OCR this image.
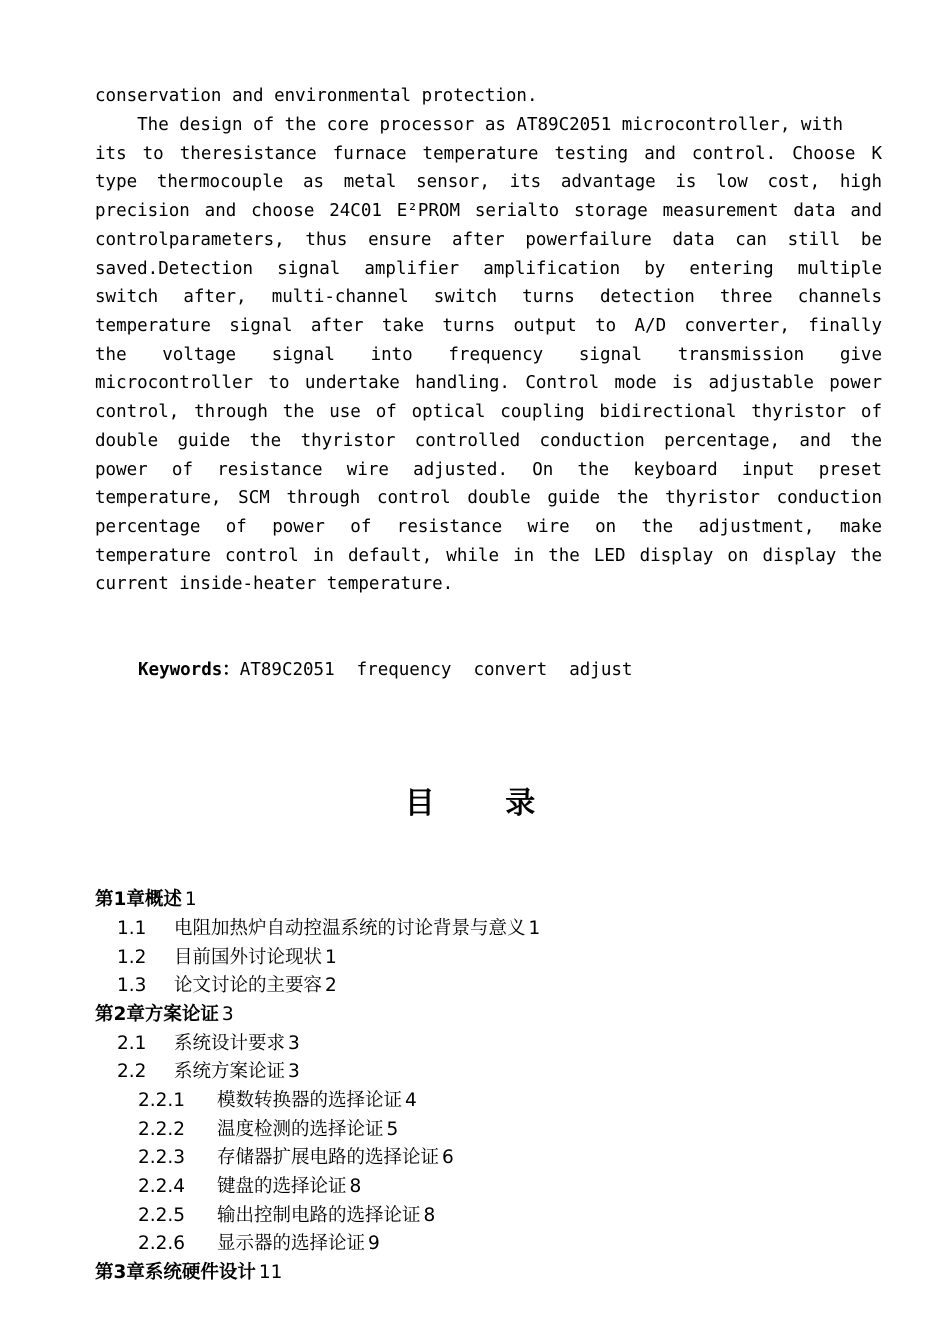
conservation and environmental protection.
The design of the core processor as AT89C2051 microcontroller, with
its to theresistance furnace temperature testing and control. Choose K
type thermocouple as metal sensor, its advantage is low cost, high
precision and choose 24C01 E²PROM serialto storage measurement data and
controlparameters, thus ensure after powerfailure data can still be
saved.Detection signal amplifier amplification by entering multiple
switch after, multi-channel switch turns detection three channels
temperature signal after take turns output to A/D converter, finally
the voltage signal into frequency signal transmission give
microcontroller to undertake handling. Control mode is adjustable power
control, through the use of optical coupling bidirectional thyristor of
double guide the thyristor controlled conduction percentage, and the
power of resistance wire adjusted. On the keyboard input preset
temperature, SCM through control double guide the thyristor conduction
percentage of power of resistance wire on the adjustment, make
temperature control in default, while in the LED display on display the
current inside-heater temperature.
Keywords：AT89C2051 frequency convert adjust
目 录
第1章概述 1
1.1 电阻加热炉自动控温系统的讨论背景与意义 1
1.2 目前国外讨论现状 1
1.3 论文讨论的主要容 2
第2章方案论证 3
2.1 系统设计要求 3
2.2 系统方案论证 3
2.2.1 模数转换器的选择论证 4
2.2.2 温度检测的选择论证 5
2.2.3 存储器扩展电路的选择论证 6
2.2.4 键盘的选择论证 8
2.2.5 输出控制电路的选择论证 8
2.2.6 显示器的选择论证 9
第3章系统硬件设计 11
